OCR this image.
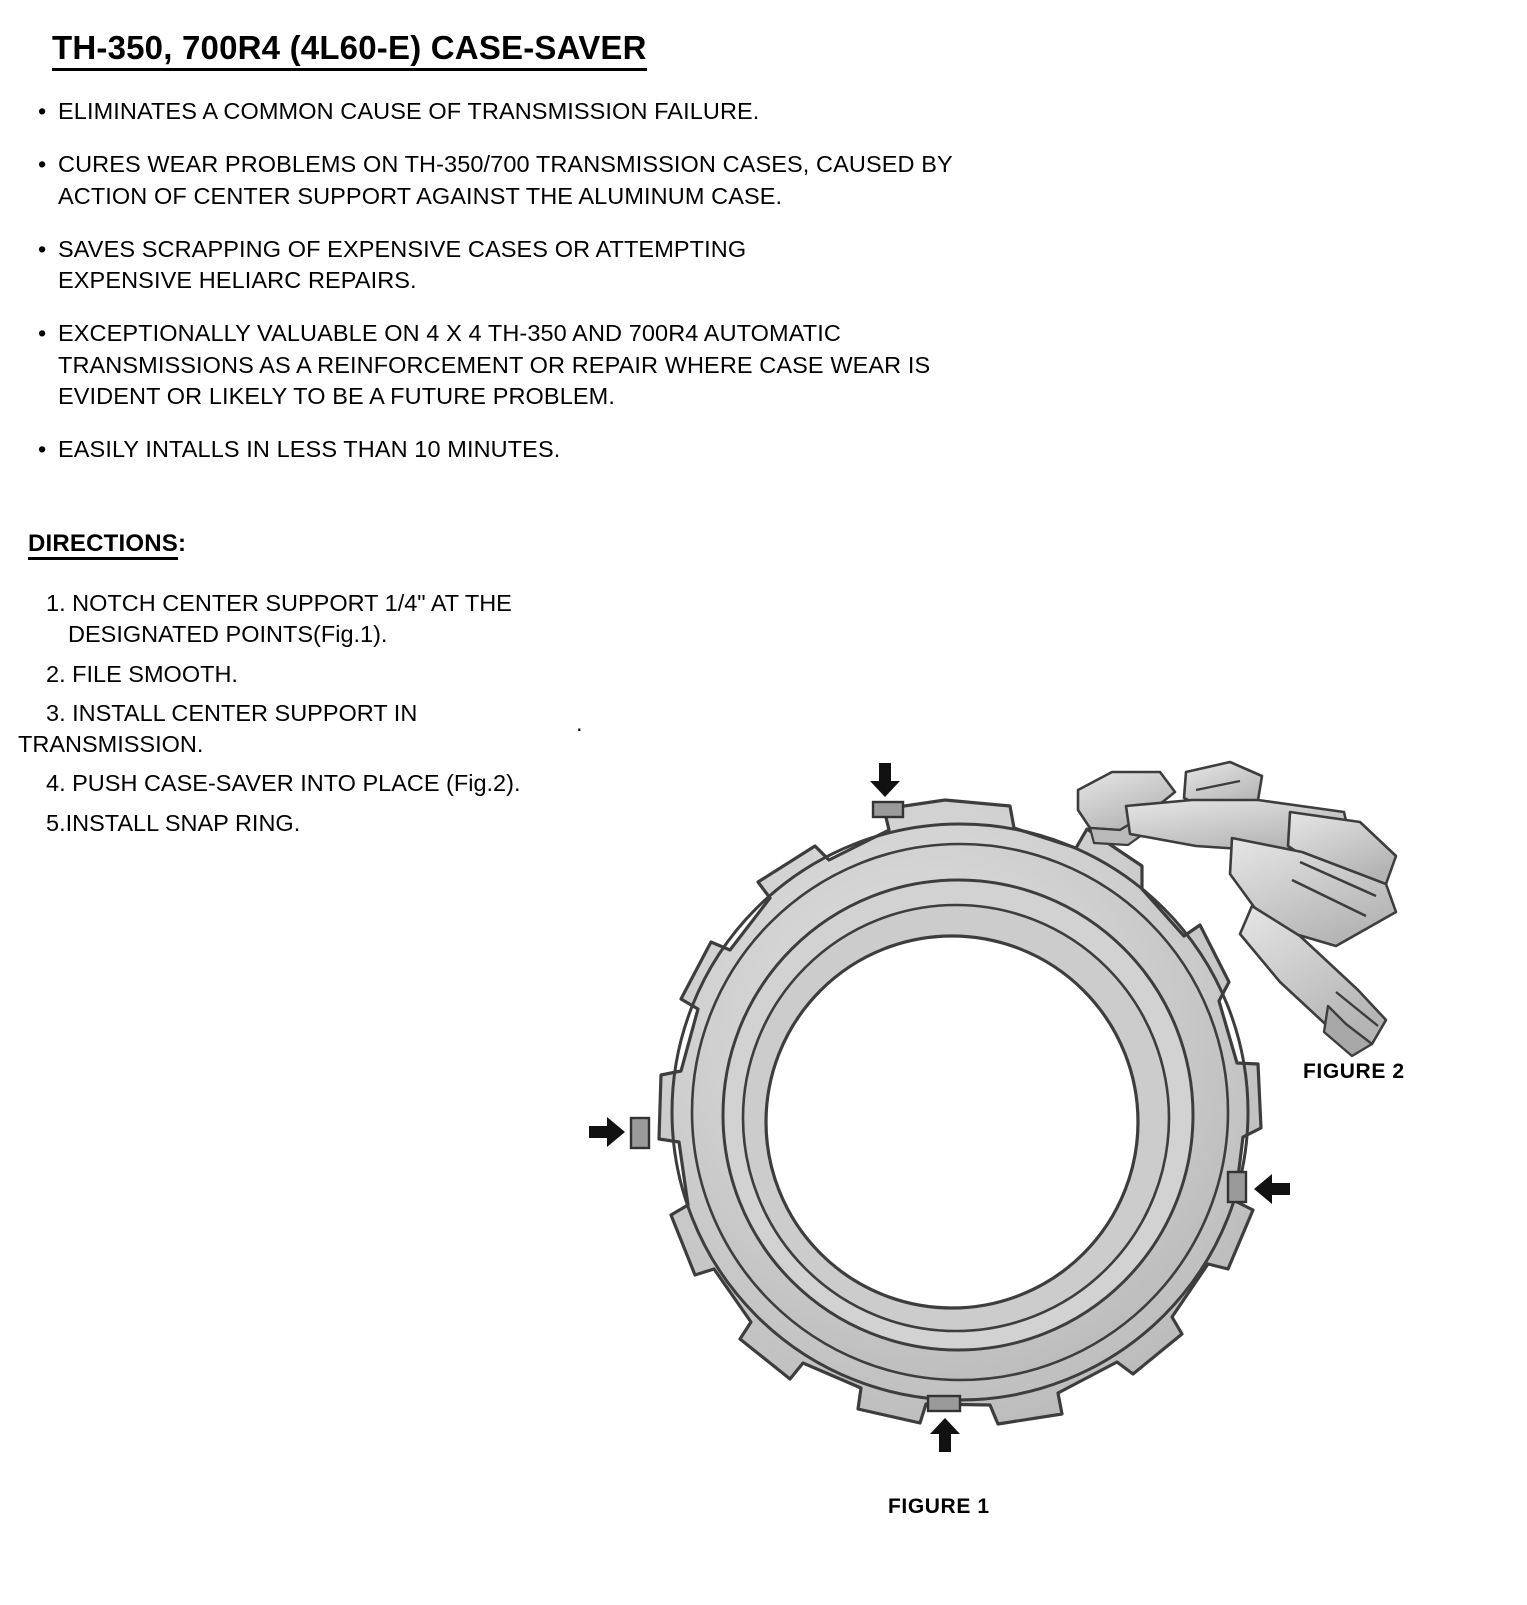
TH-350, 700R4 (4L60-E) CASE-SAVER
• ELIMINATES A COMMON CAUSE OF TRANSMISSION FAILURE.
• CURES WEAR PROBLEMS ON TH-350/700 TRANSMISSION CASES, CAUSED BY
ACTION OF CENTER SUPPORT AGAINST THE ALUMINUM CASE.
• SAVES SCRAPPING OF EXPENSIVE CASES OR ATTEMPTING
EXPENSIVE HELIARC REPAIRS.
• EXCEPTIONALLY VALUABLE ON 4 X 4 TH-350 AND 700R4 AUTOMATIC
TRANSMISSIONS AS A REINFORCEMENT OR REPAIR WHERE CASE WEAR IS
EVIDENT OR LIKELY TO BE A FUTURE PROBLEM.
• EASILY INTALLS IN LESS THAN 10 MINUTES.
DIRECTIONS:
1. NOTCH CENTER SUPPORT 1/4" AT THE
DESIGNATED POINTS(Fig.1).
2. FILE SMOOTH.
3. INSTALL CENTER SUPPORT IN
TRANSMISSION.
4. PUSH CASE-SAVER INTO PLACE (Fig.2).
5.INSTALL SNAP RING.
.
FIGURE 1
FIGURE 2
